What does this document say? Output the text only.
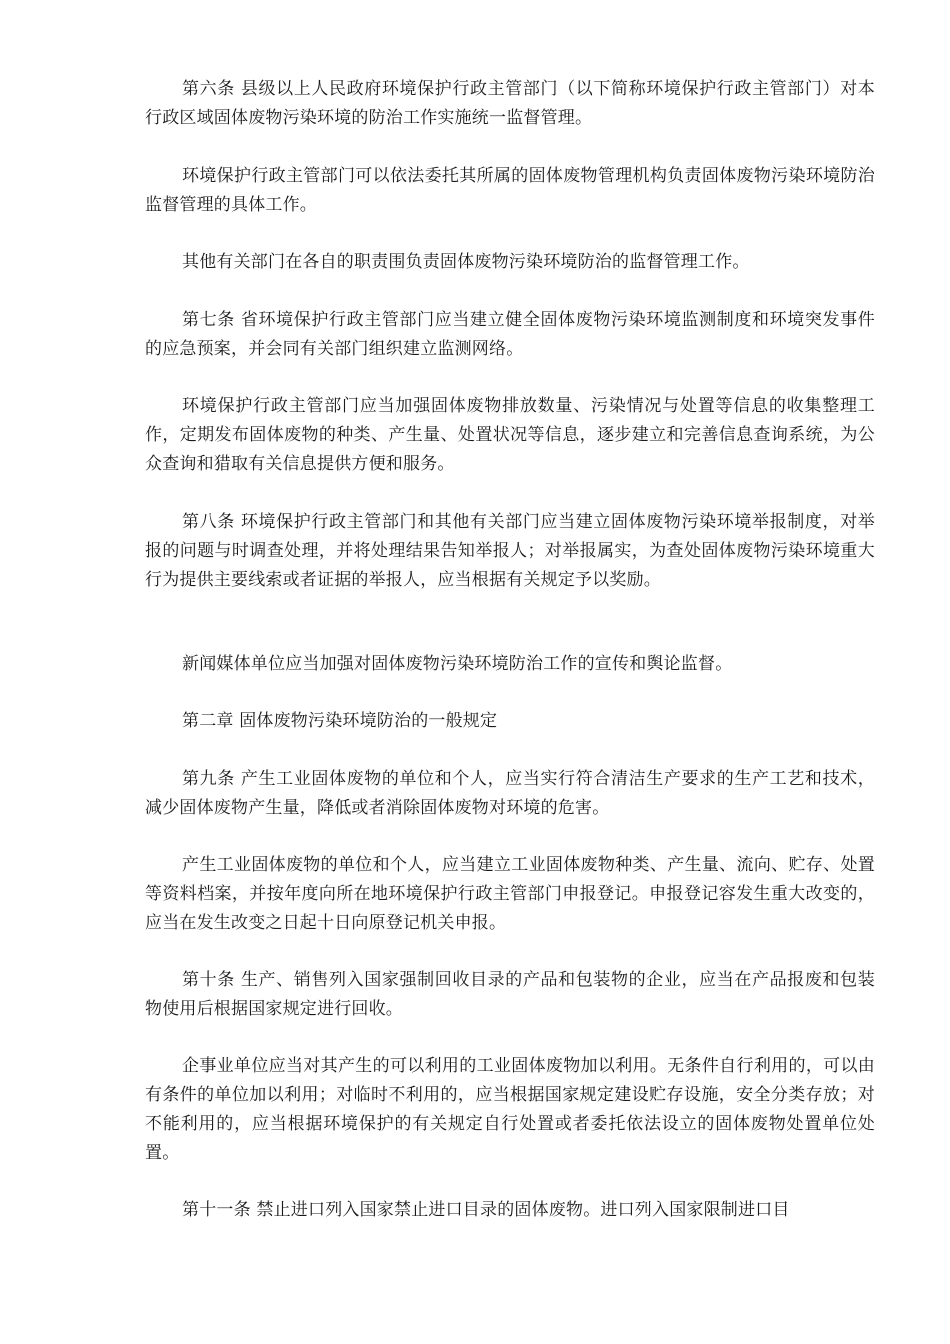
第六条 县级以上人民政府环境保护行政主管部门（以下简称环境保护行政主管部门）对本行政区域固体废物污染环境的防治工作实施统一监督管理。

环境保护行政主管部门可以依法委托其所属的固体废物管理机构负责固体废物污染环境防治监督管理的具体工作。

其他有关部门在各自的职责围负责固体废物污染环境防治的监督管理工作。

第七条 省环境保护行政主管部门应当建立健全固体废物污染环境监测制度和环境突发事件的应急预案，并会同有关部门组织建立监测网络。

环境保护行政主管部门应当加强固体废物排放数量、污染情况与处置等信息的收集整理工作，定期发布固体废物的种类、产生量、处置状况等信息，逐步建立和完善信息查询系统，为公众查询和猎取有关信息提供方便和服务。

第八条 环境保护行政主管部门和其他有关部门应当建立固体废物污染环境举报制度，对举报的问题与时调查处理，并将处理结果告知举报人；对举报属实，为查处固体废物污染环境重大行为提供主要线索或者证据的举报人，应当根据有关规定予以奖励。

新闻媒体单位应当加强对固体废物污染环境防治工作的宣传和舆论监督。

第二章 固体废物污染环境防治的一般规定

第九条 产生工业固体废物的单位和个人，应当实行符合清洁生产要求的生产工艺和技术，减少固体废物产生量，降低或者消除固体废物对环境的危害。

产生工业固体废物的单位和个人，应当建立工业固体废物种类、产生量、流向、贮存、处置等资料档案，并按年度向所在地环境保护行政主管部门申报登记。申报登记容发生重大改变的，应当在发生改变之日起十日向原登记机关申报。

第十条 生产、销售列入国家强制回收目录的产品和包装物的企业，应当在产品报废和包装物使用后根据国家规定进行回收。

企事业单位应当对其产生的可以利用的工业固体废物加以利用。无条件自行利用的，可以由有条件的单位加以利用；对临时不利用的，应当根据国家规定建设贮存设施，安全分类存放；对不能利用的，应当根据环境保护的有关规定自行处置或者委托依法设立的固体废物处置单位处置。

第十一条 禁止进口列入国家禁止进口目录的固体废物。进口列入国家限制进口目
